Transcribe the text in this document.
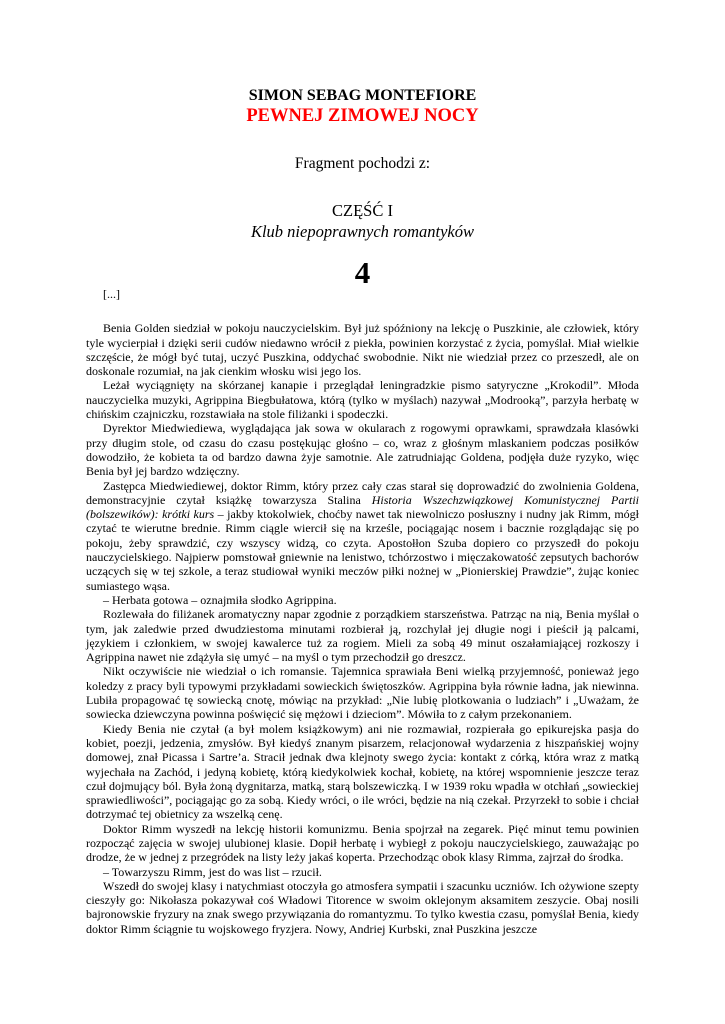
SIMON SEBAG MONTEFIORE

PEWNEJ ZIMOWEJ NOCY

Fragment pochodzi z:

CZĘŚĆ I

Klub niepoprawnych romantyków

4

[...]

Benia Golden siedział w pokoju nauczycielskim. Był już spóźniony na lekcję o Puszkinie, ale człowiek, który tyle wycierpiał i dzięki serii cudów niedawno wrócił z piekła, powinien korzystać z życia, pomyślał. Miał wielkie szczęście, że mógł być tutaj, uczyć Puszkina, oddychać swobodnie. Nikt nie wiedział przez co przeszedł, ale on doskonale rozumiał, na jak cienkim włosku wisi jego los.

Leżał wyciągnięty na skórzanej kanapie i przeglądał leningradzkie pismo satyryczne „Krokodil”. Młoda nauczycielka muzyki, Agrippina Biegbułatowa, którą (tylko w myślach) nazywał „Modrooką”, parzyła herbatę w chińskim czajniczku, rozstawiała na stole filiżanki i spodeczki.

Dyrektor Miedwiediewa, wyglądająca jak sowa w okularach z rogowymi oprawkami, sprawdzała klasówki przy długim stole, od czasu do czasu postękując głośno – co, wraz z głośnym mlaskaniem podczas posiłków dowodziło, że kobieta ta od bardzo dawna żyje samotnie. Ale zatrudniając Goldena, podjęła duże ryzyko, więc Benia był jej bardzo wdzięczny.

Zastępca Miedwiediewej, doktor Rimm, który przez cały czas starał się doprowadzić do zwolnienia Goldena, demonstracyjnie czytał książkę towarzysza Stalina Historia Wszechzwiązkowej Komunistycznej Partii (bolszewików): krótki kurs – jakby ktokolwiek, choćby nawet tak niewolniczo posłuszny i nudny jak Rimm, mógł czytać te wierutne brednie. Rimm ciągle wiercił się na krześle, pociągając nosem i bacznie rozglądając się po pokoju, żeby sprawdzić, czy wszyscy widzą, co czyta. Apostołłon Szuba dopiero co przyszedł do pokoju nauczycielskiego. Najpierw pomstował gniewnie na lenistwo, tchórzostwo i mięczakowatość zepsutych bachorów uczących się w tej szkole, a teraz studiował wyniki meczów piłki nożnej w „Pionierskiej Prawdzie”, żując koniec sumiastego wąsa.

– Herbata gotowa – oznajmiła słodko Agrippina.

Rozlewała do filiżanek aromatyczny napar zgodnie z porządkiem starszeństwa. Patrząc na nią, Benia myślał o tym, jak zaledwie przed dwudziestoma minutami rozbierał ją, rozchylał jej długie nogi i pieścił ją palcami, językiem i członkiem, w swojej kawalerce tuż za rogiem. Mieli za sobą 49 minut oszałamiającej rozkoszy i Agrippina nawet nie zdążyła się umyć – na myśl o tym przechodził go dreszcz.

Nikt oczywiście nie wiedział o ich romansie. Tajemnica sprawiała Beni wielką przyjemność, ponieważ jego koledzy z pracy byli typowymi przykładami sowieckich świętoszków. Agrippina była równie ładna, jak niewinna. Lubiła propagować tę sowiecką cnotę, mówiąc na przykład: „Nie lubię plotkowania o ludziach” i „Uważam, że sowiecka dziewczyna powinna poświęcić się mężowi i dzieciom”. Mówiła to z całym przekonaniem.

Kiedy Benia nie czytał (a był molem książkowym) ani nie rozmawiał, rozpierała go epikurejska pasja do kobiet, poezji, jedzenia, zmysłów. Był kiedyś znanym pisarzem, relacjonował wydarzenia z hiszpańskiej wojny domowej, znał Picassa i Sartre’a. Stracił jednak dwa klejnoty swego życia: kontakt z córką, która wraz z matką wyjechała na Zachód, i jedyną kobietę, którą kiedykolwiek kochał, kobietę, na której wspomnienie jeszcze teraz czuł dojmujący ból. Była żoną dygnitarza, matką, starą bolszewiczką. I w 1939 roku wpadła w otchłań „sowieckiej sprawiedliwości”, pociągając go za sobą. Kiedy wróci, o ile wróci, będzie na nią czekał. Przyrzekł to sobie i chciał dotrzymać tej obietnicy za wszelką cenę.

Doktor Rimm wyszedł na lekcję historii komunizmu. Benia spojrzał na zegarek. Pięć minut temu powinien rozpocząć zajęcia w swojej ulubionej klasie. Dopił herbatę i wybiegł z pokoju nauczycielskiego, zauważając po drodze, że w jednej z przegródek na listy leży jakaś koperta. Przechodząc obok klasy Rimma, zajrzał do środka.

– Towarzyszu Rimm, jest do was list – rzucił.

Wszedł do swojej klasy i natychmiast otoczyła go atmosfera sympatii i szacunku uczniów. Ich ożywione szepty cieszyły go: Nikołasza pokazywał coś Władowi Titorence w swoim oklejonym aksamitem zeszycie. Obaj nosili bajronowskie fryzury na znak swego przywiązania do romantyzmu. To tylko kwestia czasu, pomyślał Benia, kiedy doktor Rimm ściągnie tu wojskowego fryzjera. Nowy, Andriej Kurbski, znał Puszkina jeszcze
